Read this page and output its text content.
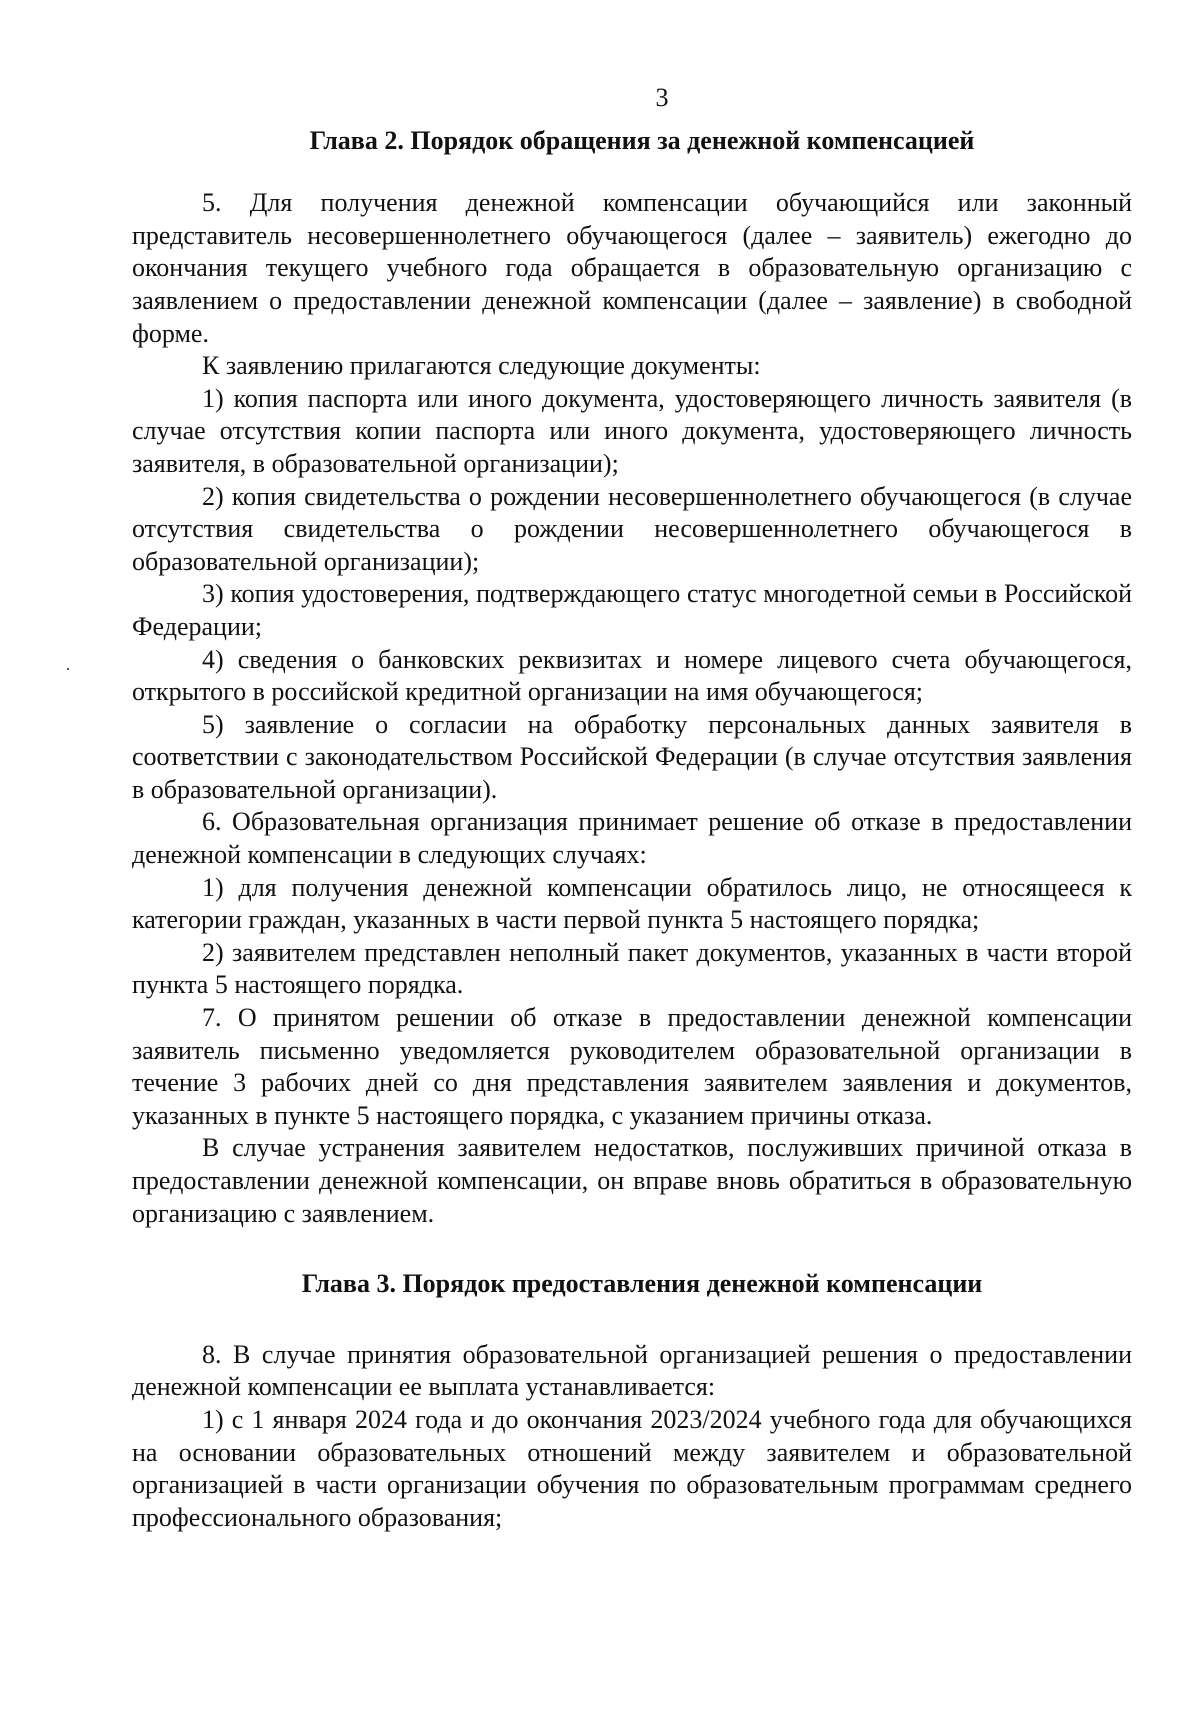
3
Глава 2. Порядок обращения за денежной компенсацией

5. Для получения денежной компенсации обучающийся или законный представитель несовершеннолетнего обучающегося (далее – заявитель) ежегодно до окончания текущего учебного года обращается в образовательную организацию с заявлением о предоставлении денежной компенсации (далее – заявление) в свободной форме.

К заявлению прилагаются следующие документы:

1) копия паспорта или иного документа, удостоверяющего личность заявителя (в случае отсутствия копии паспорта или иного документа, удостоверяющего личность заявителя, в образовательной организации);

2) копия свидетельства о рождении несовершеннолетнего обучающегося (в случае отсутствия свидетельства о рождении несовершеннолетнего обучающегося в образовательной организации);

3) копия удостоверения, подтверждающего статус многодетной семьи в Российской Федерации;

4) сведения о банковских реквизитах и номере лицевого счета обучающегося, открытого в российской кредитной организации на имя обучающегося;

5) заявление о согласии на обработку персональных данных заявителя в соответствии с законодательством Российской Федерации (в случае отсутствия заявления в образовательной организации).

6. Образовательная организация принимает решение об отказе в предоставлении денежной компенсации в следующих случаях:

1) для получения денежной компенсации обратилось лицо, не относящееся к категории граждан, указанных в части первой пункта 5 настоящего порядка;

2) заявителем представлен неполный пакет документов, указанных в части второй пункта 5 настоящего порядка.

7. О принятом решении об отказе в предоставлении денежной компенсации заявитель письменно уведомляется руководителем образовательной организации в течение 3 рабочих дней со дня представления заявителем заявления и документов, указанных в пункте 5 настоящего порядка, с указанием причины отказа.

В случае устранения заявителем недостатков, послуживших причиной отказа в предоставлении денежной компенсации, он вправе вновь обратиться в образовательную организацию с заявлением.

Глава 3. Порядок предоставления денежной компенсации

8. В случае принятия образовательной организацией решения о предоставлении денежной компенсации ее выплата устанавливается:

1) с 1 января 2024 года и до окончания 2023/2024 учебного года для обучающихся на основании образовательных отношений между заявителем и образовательной организацией в части организации обучения по образовательным программам среднего профессионального образования;
